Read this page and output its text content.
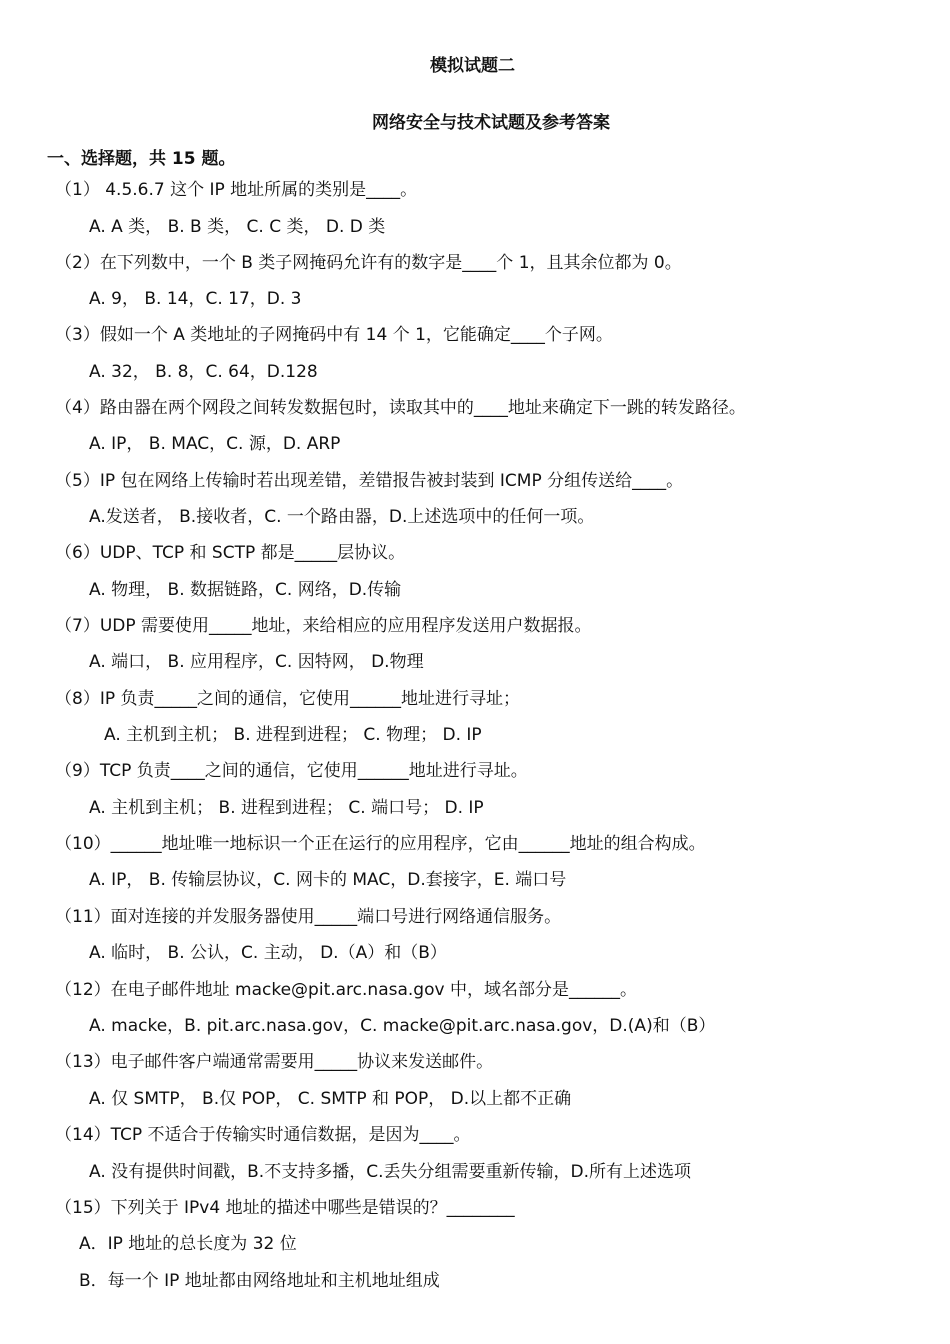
模拟试题二
网络安全与技术试题及参考答案
一、选择题，共 15 题。
（1） 4.5.6.7 这个 IP 地址所属的类别是____。
A. A 类， B. B 类， C. C 类， D. D 类
（2）在下列数中，一个 B 类子网掩码允许有的数字是____个 1，且其余位都为 0。
A. 9， B. 14，C. 17，D. 3
（3）假如一个 A 类地址的子网掩码中有 14 个 1，它能确定____个子网。
A. 32， B. 8，C. 64，D.128
（4）路由器在两个网段之间转发数据包时，读取其中的____地址来确定下一跳的转发路径。
A. IP， B. MAC，C. 源，D. ARP
（5）IP 包在网络上传输时若出现差错，差错报告被封装到 ICMP 分组传送给____。
A.发送者， B.接收者，C. 一个路由器，D.上述选项中的任何一项。
（6）UDP、TCP 和 SCTP 都是_____层协议。
A. 物理， B. 数据链路，C. 网络，D.传输
（7）UDP 需要使用_____地址，来给相应的应用程序发送用户数据报。
A. 端口， B. 应用程序，C. 因特网， D.物理
（8）IP 负责_____之间的通信，它使用______地址进行寻址；
A. 主机到主机； B. 进程到进程； C. 物理； D. IP
（9）TCP 负责____之间的通信，它使用______地址进行寻址。
A. 主机到主机； B. 进程到进程； C. 端口号； D. IP
（10）______地址唯一地标识一个正在运行的应用程序，它由______地址的组合构成。
A. IP， B. 传输层协议，C. 网卡的 MAC，D.套接字，E. 端口号
（11）面对连接的并发服务器使用_____端口号进行网络通信服务。
A. 临时， B. 公认，C. 主动， D.（A）和（B）
（12）在电子邮件地址 macke@pit.arc.nasa.gov 中，域名部分是______。
A. macke，B. pit.arc.nasa.gov，C. macke@pit.arc.nasa.gov，D.(A)和（B）
（13）电子邮件客户端通常需要用_____协议来发送邮件。
A. 仅 SMTP， B.仅 POP， C. SMTP 和 POP， D.以上都不正确
（14）TCP 不适合于传输实时通信数据，是因为____。
A. 没有提供时间戳，B.不支持多播，C.丢失分组需要重新传输，D.所有上述选项
（15）下列关于 IPv4 地址的描述中哪些是错误的？________
A．IP 地址的总长度为 32 位
B．每一个 IP 地址都由网络地址和主机地址组成
